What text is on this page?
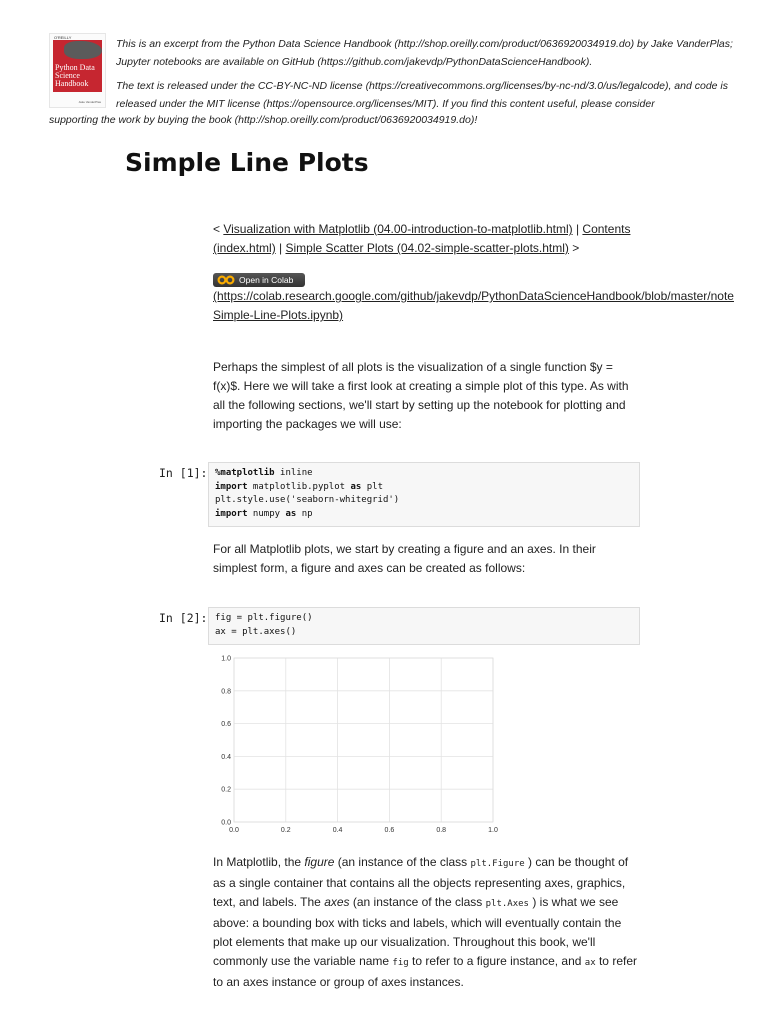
O'REILLY
Python Data Science Handbook
Jake VanderPlas
This is an excerpt from the Python Data Science Handbook (http://shop.oreilly.com/product/0636920034919.do) by Jake VanderPlas; Jupyter notebooks are available on GitHub (https://github.com/jakevdp/PythonDataScienceHandbook).
The text is released under the CC-BY-NC-ND license (https://creativecommons.org/licenses/by-nc-nd/3.0/us/legalcode), and code is released under the MIT license (https://opensource.org/licenses/MIT). If you find this content useful, please consider
supporting the work by buying the book (http://shop.oreilly.com/product/0636920034919.do)!
Simple Line Plots
< Visualization with Matplotlib (04.00-introduction-to-matplotlib.html) | Contents (index.html) | Simple Scatter Plots (04.02-simple-scatter-plots.html) >
Open in Colab
(https://colab.research.google.com/github/jakevdp/PythonDataScienceHandbook/blob/master/note
Simple-Line-Plots.ipynb)
Perhaps the simplest of all plots is the visualization of a single function $y = f(x)$. Here we will take a first look at creating a simple plot of this type. As with all the following sections, we'll start by setting up the notebook for plotting and importing the packages we will use:
In [1]: %matplotlib inline
import matplotlib.pyplot as plt
plt.style.use('seaborn-whitegrid')
import numpy as np
For all Matplotlib plots, we start by creating a figure and an axes. In their simplest form, a figure and axes can be created as follows:
In [2]: fig = plt.figure()
ax = plt.axes()
0.0	0.2	0.4	0.6	0.8	1.0
0.0
0.2
0.4
0.6
0.8
1.0
In Matplotlib, the figure (an instance of the class plt.Figure ) can be thought of as a single container that contains all the objects representing axes, graphics, text, and labels. The axes (an instance of the class plt.Axes ) is what we see above: a bounding box with ticks and labels, which will eventually contain the plot elements that make up our visualization. Throughout this book, we'll commonly use the variable name fig to refer to a figure instance, and ax to refer to an axes instance or group of axes instances.
